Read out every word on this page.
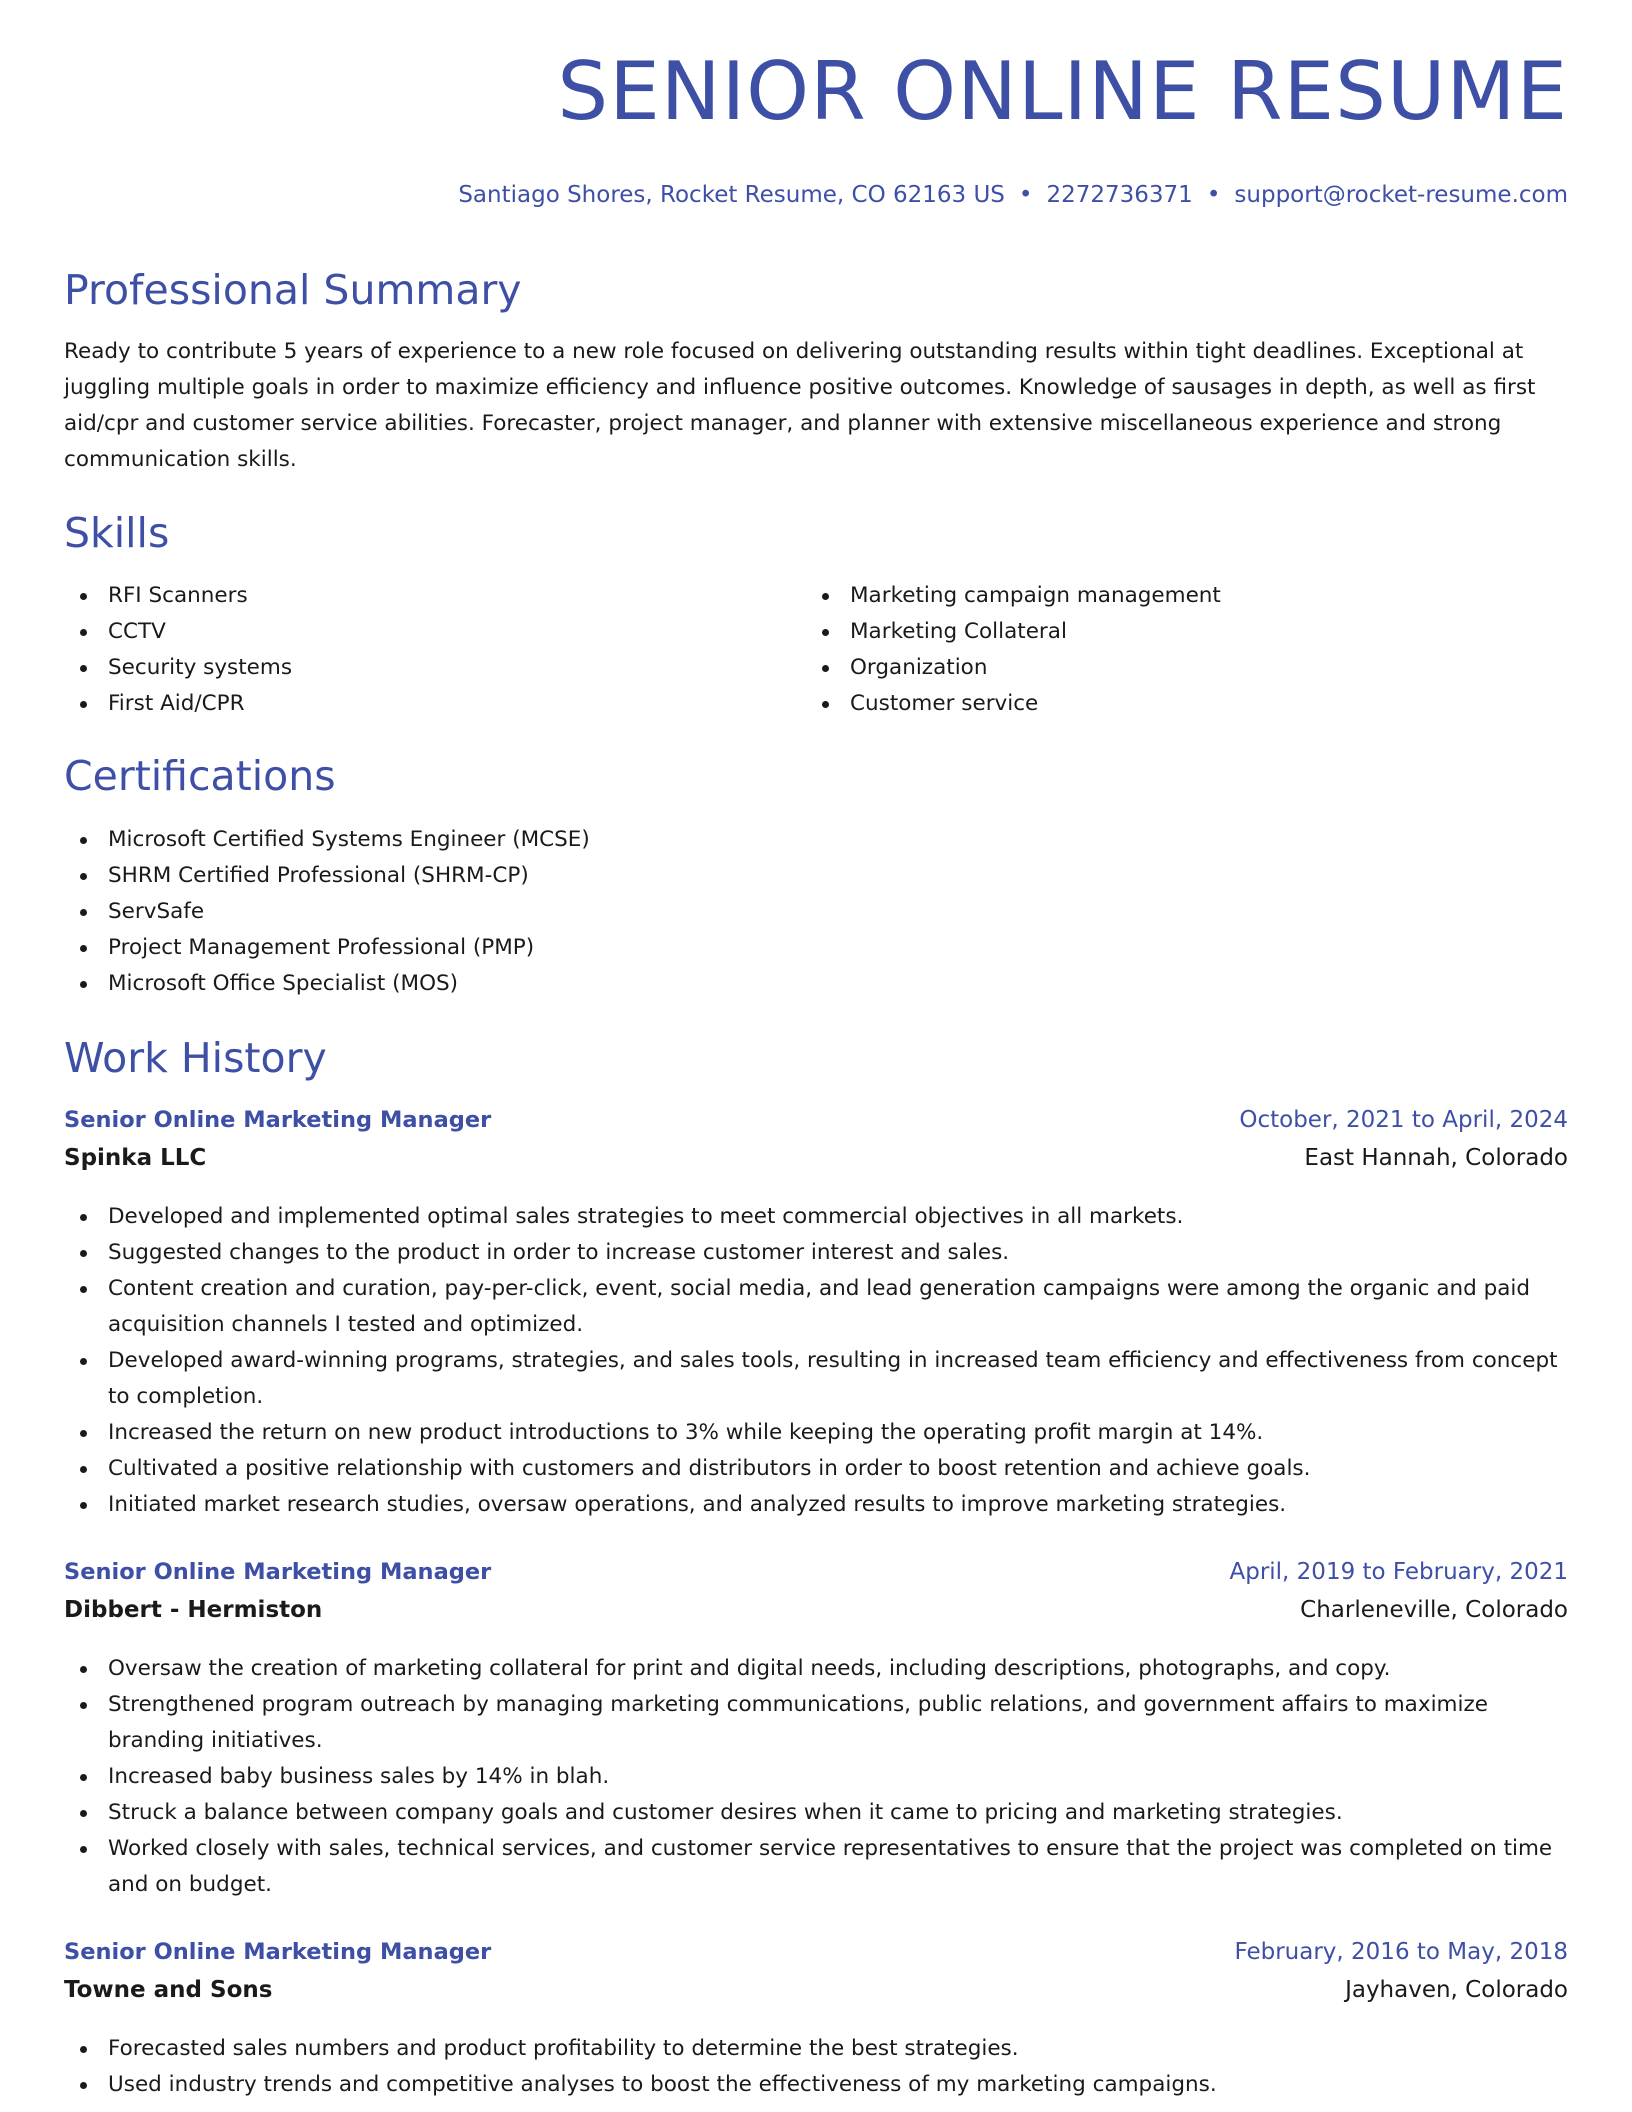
SENIOR ONLINE RESUME
Santiago Shores, Rocket Resume, CO 62163 US • 2272736371 • support@rocket-resume.com
Professional Summary

Ready to contribute 5 years of experience to a new role focused on delivering outstanding results within tight deadlines. Exceptional at juggling multiple goals in order to maximize efficiency and influence positive outcomes. Knowledge of sausages in depth, as well as first aid/cpr and customer service abilities. Forecaster, project manager, and planner with extensive miscellaneous experience and strong communication skills.

Skills
RFI Scanners
CCTV
Security systems
First Aid/CPR
Marketing campaign management
Marketing Collateral
Organization
Customer service
Certifications
Microsoft Certified Systems Engineer (MCSE)
SHRM Certified Professional (SHRM-CP)
ServSafe
Project Management Professional (PMP)
Microsoft Office Specialist (MOS)
Work History
Senior Online Marketing Manager	October, 2021 to April, 2024
Spinka LLC	East Hannah, Colorado
Developed and implemented optimal sales strategies to meet commercial objectives in all markets.
Suggested changes to the product in order to increase customer interest and sales.
Content creation and curation, pay-per-click, event, social media, and lead generation campaigns were among the organic and paid acquisition channels I tested and optimized.
Developed award-winning programs, strategies, and sales tools, resulting in increased team efficiency and effectiveness from concept to completion.
Increased the return on new product introductions to 3% while keeping the operating profit margin at 14%.
Cultivated a positive relationship with customers and distributors in order to boost retention and achieve goals.
Initiated market research studies, oversaw operations, and analyzed results to improve marketing strategies.
Senior Online Marketing Manager	April, 2019 to February, 2021
Dibbert - Hermiston	Charleneville, Colorado
Oversaw the creation of marketing collateral for print and digital needs, including descriptions, photographs, and copy.
Strengthened program outreach by managing marketing communications, public relations, and government affairs to maximize branding initiatives.
Increased baby business sales by 14% in blah.
Struck a balance between company goals and customer desires when it came to pricing and marketing strategies.
Worked closely with sales, technical services, and customer service representatives to ensure that the project was completed on time and on budget.
Senior Online Marketing Manager	February, 2016 to May, 2018
Towne and Sons	Jayhaven, Colorado
Forecasted sales numbers and product profitability to determine the best strategies.
Used industry trends and competitive analyses to boost the effectiveness of my marketing campaigns.
